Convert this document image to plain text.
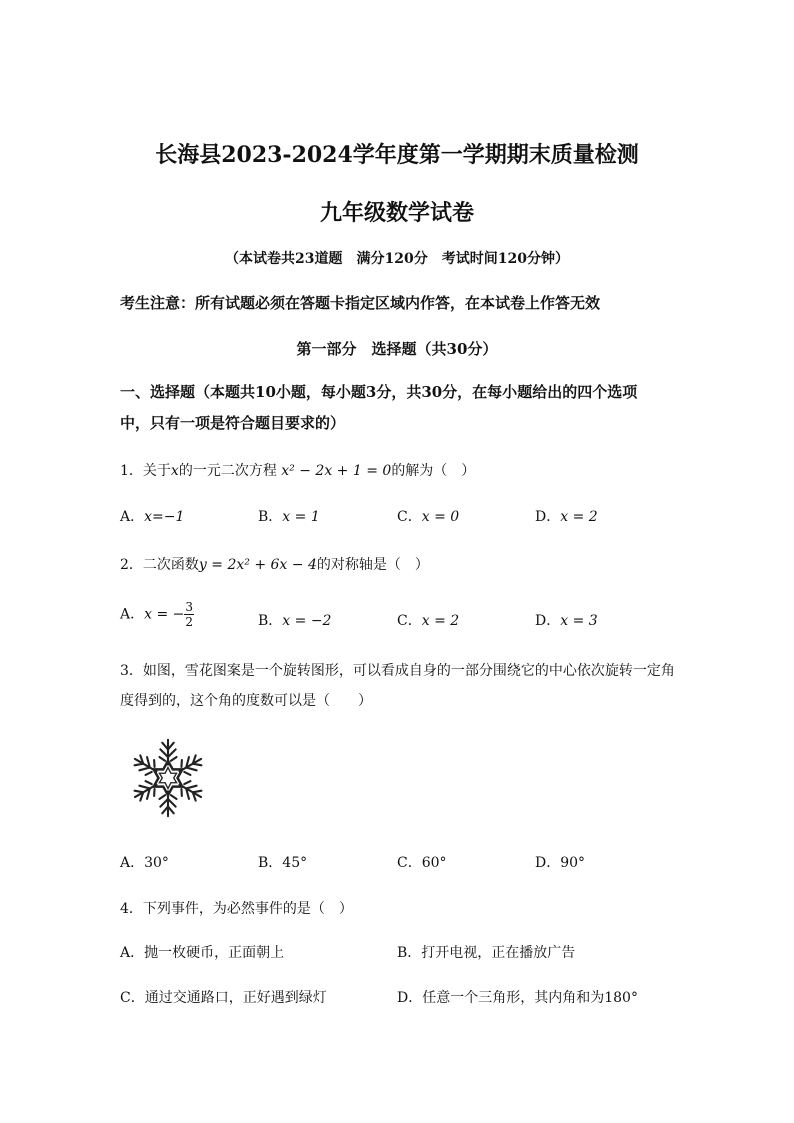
长海县2023-2024学年度第一学期期末质量检测
九年级数学试卷
（本试卷共23道题　满分120分　考试时间120分钟）
考生注意：所有试题必须在答题卡指定区域内作答，在本试卷上作答无效
第一部分　选择题（共30分）
一、选择题（本题共10小题，每小题3分，共30分，在每小题给出的四个选项
中，只有一项是符合题目要求的）
1．关于x的一元二次方程 x² − 2x + 1 = 0的解为（　）
A．x=−1	B．x = 1	C．x = 0	D．x = 2
2．二次函数y = 2x² + 6x − 4的对称轴是（　）
A．x = − $\frac{3}{2}$	B．x = −2	C．x = 2	D．x = 3
3．如图，雪花图案是一个旋转图形，可以看成自身的一部分围绕它的中心依次旋转一定角
度得到的，这个角的度数可以是（　　）
A．30°	B．45°	C．60°	D．90°
4．下列事件，为必然事件的是（　）
A．抛一枚硬币，正面朝上	B．打开电视，正在播放广告
C．通过交通路口，正好遇到绿灯	D．任意一个三角形，其内角和为180°
